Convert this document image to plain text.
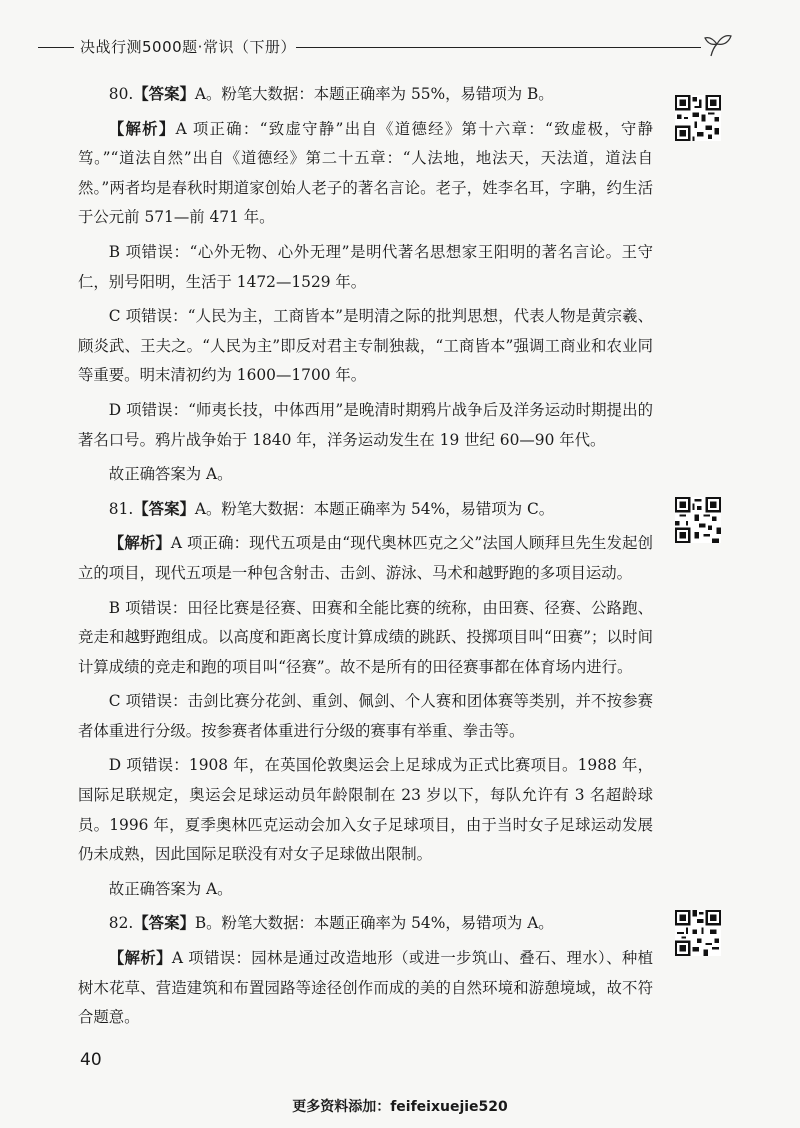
决战行测5000题·常识（下册）

80.【答案】A。粉笔大数据：本题正确率为 55%，易错项为 B。

【解析】A 项正确：“致虚守静”出自《道德经》第十六章：“致虚极，守静笃。”“道法自然”出自《道德经》第二十五章：“人法地，地法天，天法道，道法自然。”两者均是春秋时期道家创始人老子的著名言论。老子，姓李名耳，字聃，约生活于公元前 571—前 471 年。

B 项错误：“心外无物、心外无理”是明代著名思想家王阳明的著名言论。王守仁，别号阳明，生活于 1472—1529 年。

C 项错误：“人民为主，工商皆本”是明清之际的批判思想，代表人物是黄宗羲、顾炎武、王夫之。“人民为主”即反对君主专制独裁，“工商皆本”强调工商业和农业同等重要。明末清初约为 1600—1700 年。

D 项错误：“师夷长技，中体西用”是晚清时期鸦片战争后及洋务运动时期提出的著名口号。鸦片战争始于 1840 年，洋务运动发生在 19 世纪 60—90 年代。

故正确答案为 A。

81.【答案】A。粉笔大数据：本题正确率为 54%，易错项为 C。

【解析】A 项正确：现代五项是由“现代奥林匹克之父”法国人顾拜旦先生发起创立的项目，现代五项是一种包含射击、击剑、游泳、马术和越野跑的多项目运动。

B 项错误：田径比赛是径赛、田赛和全能比赛的统称，由田赛、径赛、公路跑、竞走和越野跑组成。以高度和距离长度计算成绩的跳跃、投掷项目叫“田赛”；以时间计算成绩的竞走和跑的项目叫“径赛”。故不是所有的田径赛事都在体育场内进行。

C 项错误：击剑比赛分花剑、重剑、佩剑、个人赛和团体赛等类别，并不按参赛者体重进行分级。按参赛者体重进行分级的赛事有举重、拳击等。

D 项错误：1908 年，在英国伦敦奥运会上足球成为正式比赛项目。1988 年，国际足联规定，奥运会足球运动员年龄限制在 23 岁以下，每队允许有 3 名超龄球员。1996 年，夏季奥林匹克运动会加入女子足球项目，由于当时女子足球运动发展仍未成熟，因此国际足联没有对女子足球做出限制。

故正确答案为 A。

82.【答案】B。粉笔大数据：本题正确率为 54%，易错项为 A。

【解析】A 项错误：园林是通过改造地形（或进一步筑山、叠石、理水）、种植树木花草、营造建筑和布置园路等途径创作而成的美的自然环境和游憩境域，故不符合题意。

40
更多资料添加：feifeixuejie520
